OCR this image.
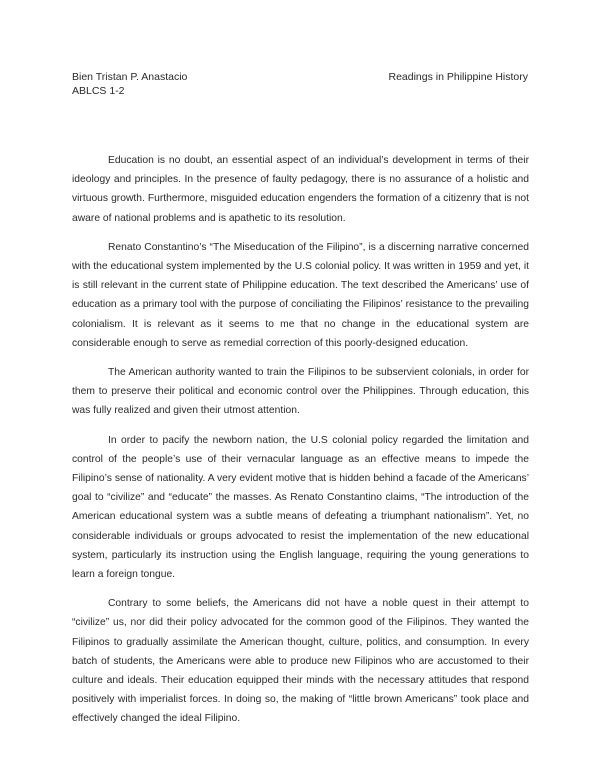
Bien Tristan P. Anastacio
ABLCS 1-2
Readings in Philippine History

Education is no doubt, an essential aspect of an individual’s development in terms of their ideology and principles. In the presence of faulty pedagogy, there is no assurance of a holistic and virtuous growth. Furthermore, misguided education engenders the formation of a citizenry that is not aware of national problems and is apathetic to its resolution.

Renato Constantino’s “The Miseducation of the Filipino”, is a discerning narrative concerned with the educational system implemented by the U.S colonial policy. It was written in 1959 and yet, it is still relevant in the current state of Philippine education. The text described the Americans’ use of education as a primary tool with the purpose of conciliating the Filipinos’ resistance to the prevailing colonialism. It is relevant as it seems to me that no change in the educational system are considerable enough to serve as remedial correction of this poorly-designed education.

The American authority wanted to train the Filipinos to be subservient colonials, in order for them to preserve their political and economic control over the Philippines. Through education, this was fully realized and given their utmost attention.

In order to pacify the newborn nation, the U.S colonial policy regarded the limitation and control of the people’s use of their vernacular language as an effective means to impede the Filipino’s sense of nationality. A very evident motive that is hidden behind a facade of the Americans’ goal to “civilize” and “educate” the masses. As Renato Constantino claims, “The introduction of the American educational system was a subtle means of defeating a triumphant nationalism”. Yet, no considerable individuals or groups advocated to resist the implementation of the new educational system, particularly its instruction using the English language, requiring the young generations to learn a foreign tongue.

Contrary to some beliefs, the Americans did not have a noble quest in their attempt to “civilize” us, nor did their policy advocated for the common good of the Filipinos. They wanted the Filipinos to gradually assimilate the American thought, culture, politics, and consumption. In every batch of students, the Americans were able to produce new Filipinos who are accustomed to their culture and ideals. Their education equipped their minds with the necessary attitudes that respond positively with imperialist forces. In doing so, the making of “little brown Americans” took place and effectively changed the ideal Filipino.
